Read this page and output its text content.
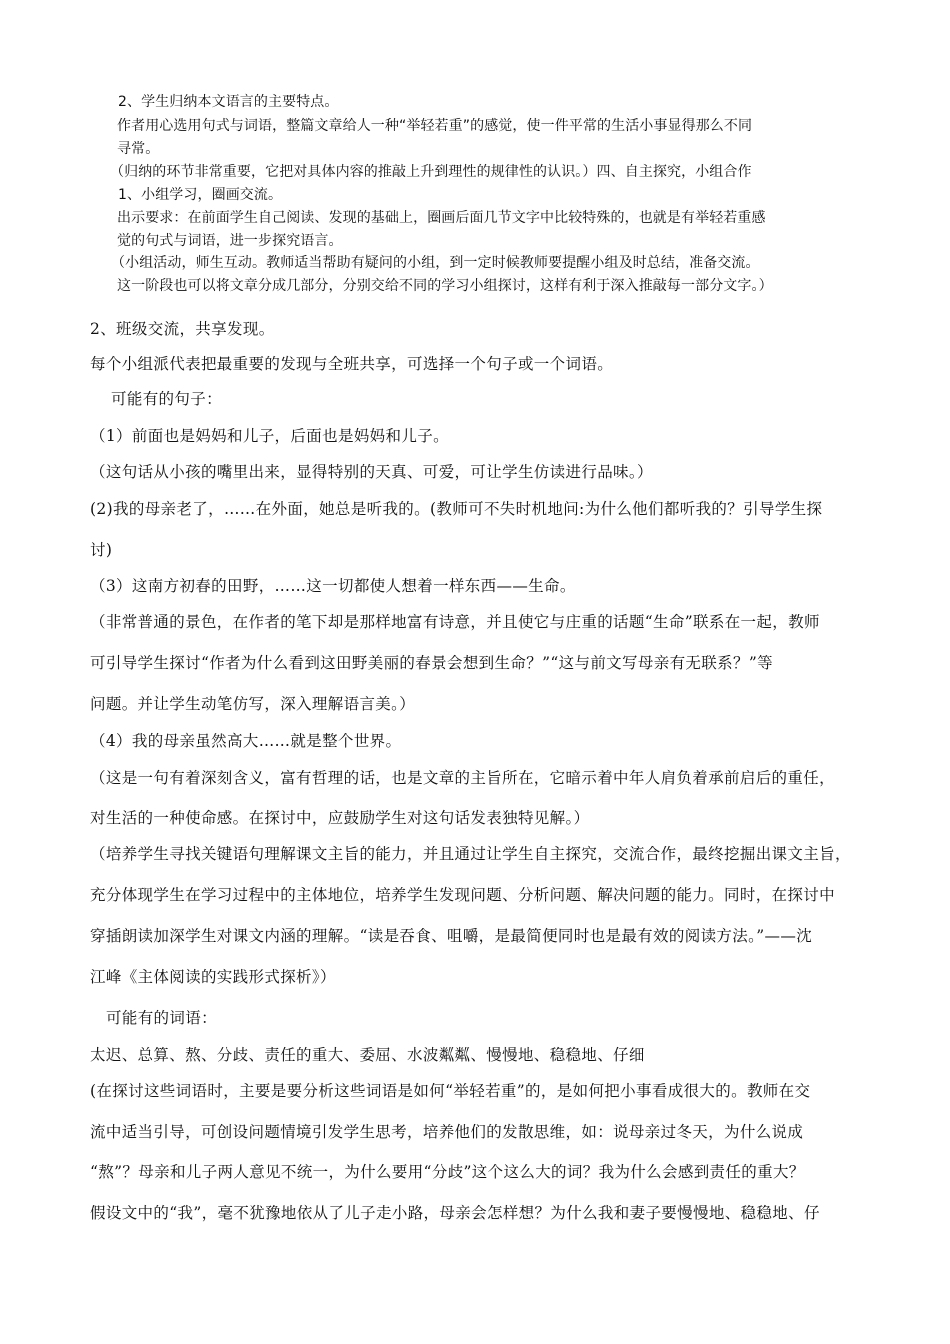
2、学生归纳本文语言的主要特点。
作者用心选用句式与词语，整篇文章给人一种“举轻若重”的感觉，使一件平常的生活小事显得那么不同
寻常。
（归纳的环节非常重要，它把对具体内容的推敲上升到理性的规律性的认识。）四、自主探究，小组合作
1、小组学习，圈画交流。
出示要求：在前面学生自己阅读、发现的基础上，圈画后面几节文字中比较特殊的，也就是有举轻若重感
觉的句式与词语，进一步探究语言。
（小组活动，师生互动。教师适当帮助有疑问的小组，到一定时候教师要提醒小组及时总结，准备交流。
这一阶段也可以将文章分成几部分，分别交给不同的学习小组探讨，这样有利于深入推敲每一部分文字。）
2、班级交流，共享发现。
每个小组派代表把最重要的发现与全班共享，可选择一个句子或一个词语。
可能有的句子：
（1）前面也是妈妈和儿子，后面也是妈妈和儿子。
（这句话从小孩的嘴里出来，显得特别的天真、可爱，可让学生仿读进行品味。）
(2)我的母亲老了，……在外面，她总是听我的。(教师可不失时机地问:为什么他们都听我的？引导学生探
讨)
（3）这南方初春的田野，……这一切都使人想着一样东西——生命。
（非常普通的景色，在作者的笔下却是那样地富有诗意，并且使它与庄重的话题“生命”联系在一起，教师
可引导学生探讨“作者为什么看到这田野美丽的春景会想到生命？”“这与前文写母亲有无联系？”等
问题。并让学生动笔仿写，深入理解语言美。）
（4）我的母亲虽然高大……就是整个世界。
（这是一句有着深刻含义，富有哲理的话，也是文章的主旨所在，它暗示着中年人肩负着承前启后的重任，
对生活的一种使命感。在探讨中，应鼓励学生对这句话发表独特见解。）
（培养学生寻找关键语句理解课文主旨的能力，并且通过让学生自主探究，交流合作，最终挖掘出课文主旨，
充分体现学生在学习过程中的主体地位，培养学生发现问题、分析问题、解决问题的能力。同时，在探讨中
穿插朗读加深学生对课文内涵的理解。“读是吞食、咀嚼，是最简便同时也是最有效的阅读方法。”——沈
江峰《主体阅读的实践形式探析》）
可能有的词语：
太迟、总算、熬、分歧、责任的重大、委屈、水波粼粼、慢慢地、稳稳地、仔细
(在探讨这些词语时，主要是要分析这些词语是如何“举轻若重”的，是如何把小事看成很大的。教师在交
流中适当引导，可创设问题情境引发学生思考，培养他们的发散思维，如：说母亲过冬天，为什么说成
“熬”？母亲和儿子两人意见不统一，为什么要用“分歧”这个这么大的词？我为什么会感到责任的重大？
假设文中的“我”，毫不犹豫地依从了儿子走小路，母亲会怎样想？为什么我和妻子要慢慢地、稳稳地、仔
